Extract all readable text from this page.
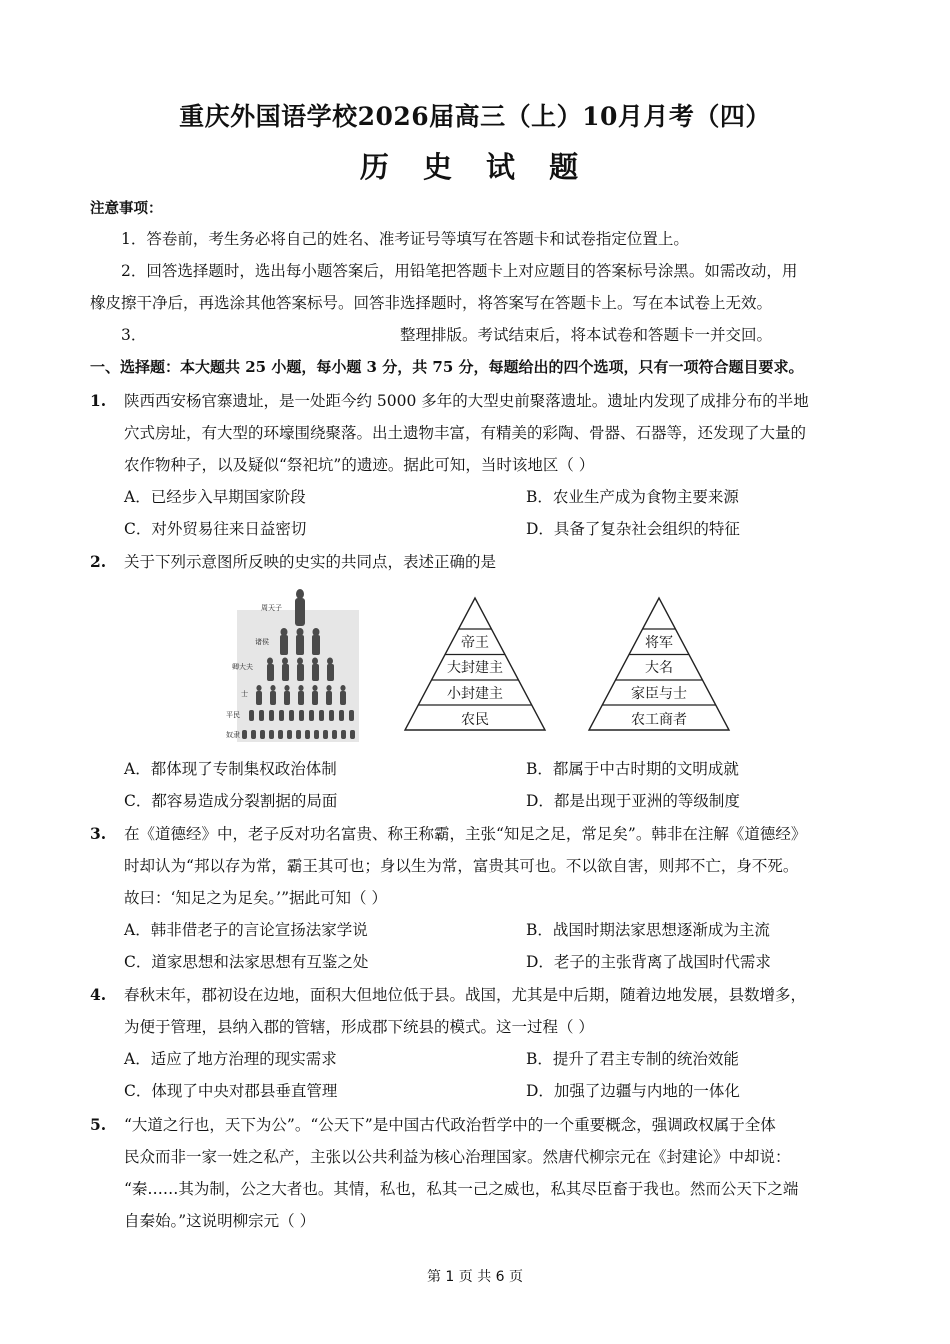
重庆外国语学校2026届高三（上）10月月考（四）
历 史 试 题
注意事项：
1．答卷前，考生务必将自己的姓名、准考证号等填写在答题卡和试卷指定位置上。
2．回答选择题时，选出每小题答案后，用铅笔把答题卡上对应题目的答案标号涂黑。如需改动，用
橡皮擦干净后，再选涂其他答案标号。回答非选择题时，将答案写在答题卡上。写在本试卷上无效。
3．	整理排版。考试结束后，将本试卷和答题卡一并交回。
一、选择题：本大题共 25 小题，每小题 3 分，共 75 分，每题给出的四个选项，只有一项符合题目要求。
1. 陕西西安杨官寨遗址，是一处距今约 5000 多年的大型史前聚落遗址。遗址内发现了成排分布的半地
穴式房址，有大型的环壕围绕聚落。出土遗物丰富，有精美的彩陶、骨器、石器等，还发现了大量的
农作物种子，以及疑似“祭祀坑”的遗迹。据此可知，当时该地区（ ）
A．已经步入早期国家阶段	B．农业生产成为食物主要来源
C．对外贸易往来日益密切	D．具备了复杂社会组织的特征
2. 关于下列示意图所反映的史实的共同点，表述正确的是
周天子
诸侯
卿大夫
士
平民
奴隶
帝王
大封建主
小封建主
农民
将军
大名
家臣与士
农工商者
A．都体现了专制集权政治体制	B．都属于中古时期的文明成就
C．都容易造成分裂割据的局面	D．都是出现于亚洲的等级制度
3. 在《道德经》中，老子反对功名富贵、称王称霸，主张“知足之足，常足矣”。韩非在注解《道德经》
时却认为“邦以存为常，霸王其可也；身以生为常，富贵其可也。不以欲自害，则邦不亡，身不死。
故曰：‘知足之为足矣。’”据此可知（ ）
A．韩非借老子的言论宣扬法家学说	B．战国时期法家思想逐渐成为主流
C．道家思想和法家思想有互鉴之处	D．老子的主张背离了战国时代需求
4. 春秋末年，郡初设在边地，面积大但地位低于县。战国，尤其是中后期，随着边地发展，县数增多，
为便于管理，县纳入郡的管辖，形成郡下统县的模式。这一过程（ ）
A．适应了地方治理的现实需求	B．提升了君主专制的统治效能
C．体现了中央对郡县垂直管理	D．加强了边疆与内地的一体化
5. “大道之行也，天下为公”。“公天下”是中国古代政治哲学中的一个重要概念，强调政权属于全体
民众而非一家一姓之私产，主张以公共利益为核心治理国家。然唐代柳宗元在《封建论》中却说：
“秦……其为制，公之大者也。其情，私也，私其一己之威也，私其尽臣畜于我也。然而公天下之端
自秦始。”这说明柳宗元（ ）
第 1 页 共 6 页
